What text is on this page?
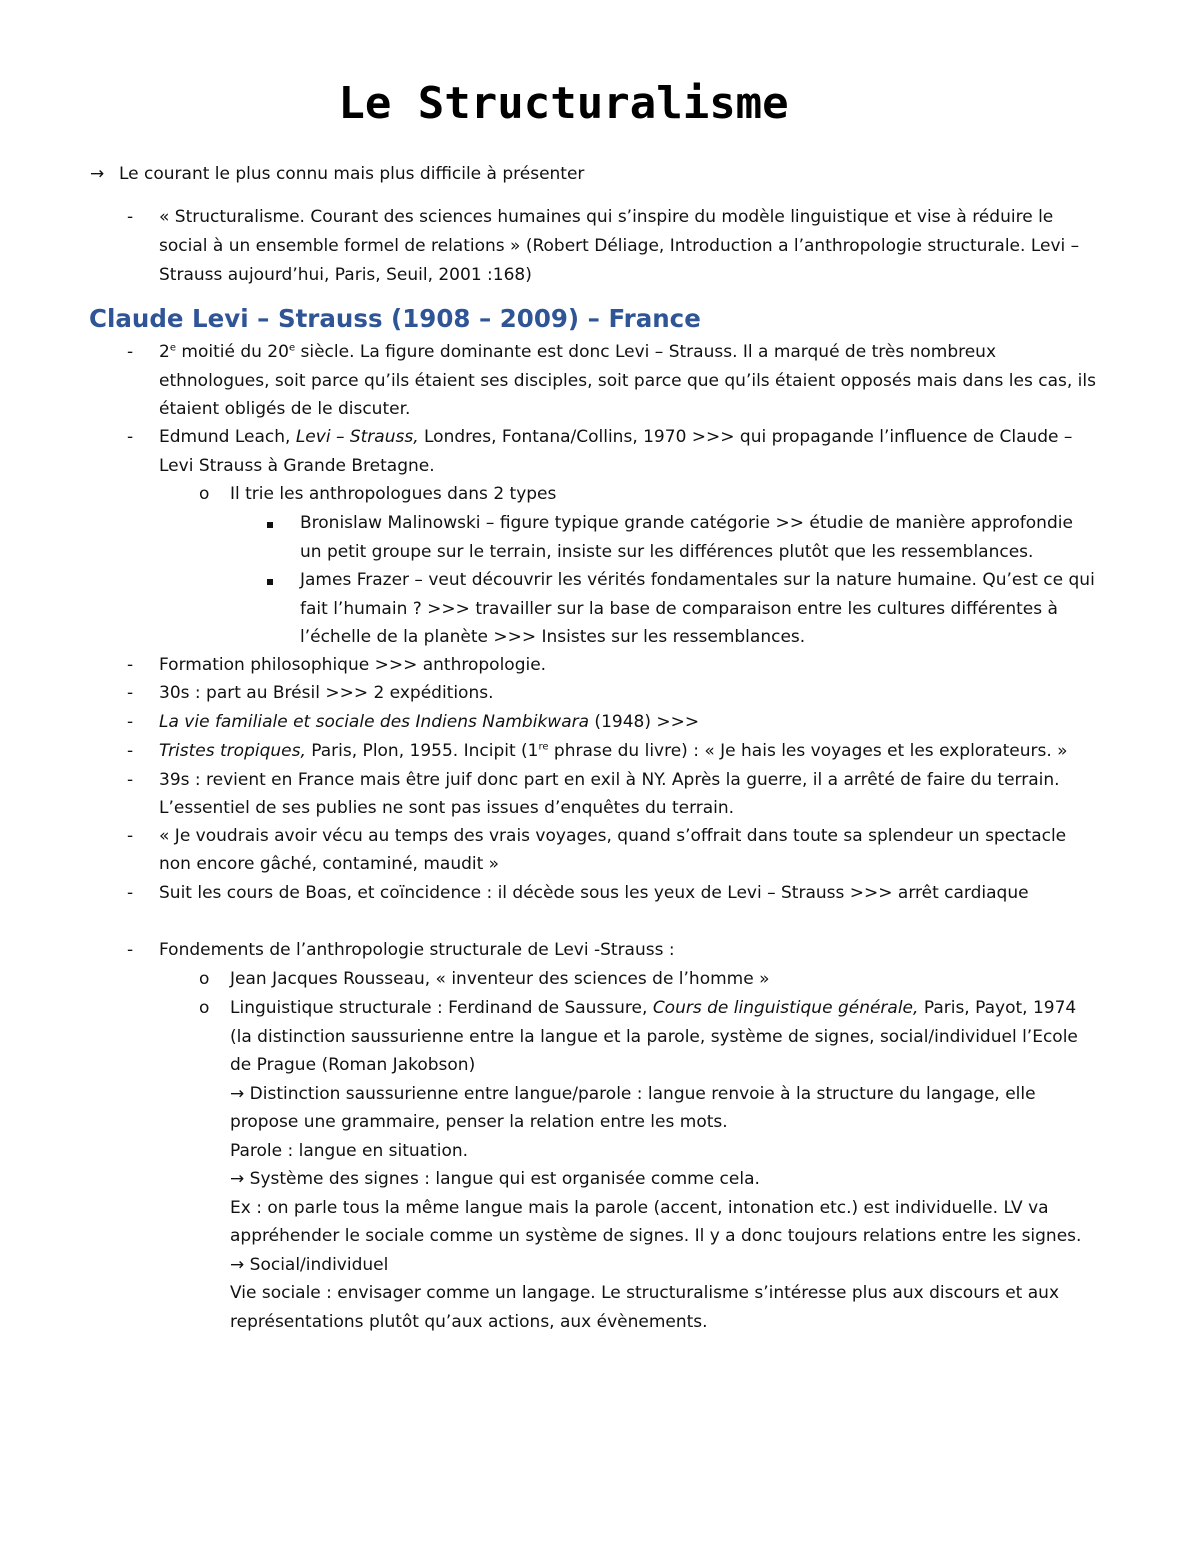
Le Structuralisme
→ Le courant le plus connu mais plus difficile à présenter
- « Structuralisme. Courant des sciences humaines qui s’inspire du modèle linguistique et vise à réduire le
social à un ensemble formel de relations » (Robert Déliage, Introduction a l’anthropologie structurale. Levi –
Strauss aujourd’hui, Paris, Seuil, 2001 :168)
Claude Levi – Strauss (1908 – 2009) – France
- 2e moitié du 20e siècle. La figure dominante est donc Levi – Strauss. Il a marqué de très nombreux
ethnologues, soit parce qu’ils étaient ses disciples, soit parce que qu’ils étaient opposés mais dans les cas, ils
étaient obligés de le discuter.
- Edmund Leach, Levi – Strauss, Londres, Fontana/Collins, 1970 >>> qui propagande l’influence de Claude –
Levi Strauss à Grande Bretagne.
o Il trie les anthropologues dans 2 types
Bronislaw Malinowski – figure typique grande catégorie >> étudie de manière approfondie
un petit groupe sur le terrain, insiste sur les différences plutôt que les ressemblances.
James Frazer – veut découvrir les vérités fondamentales sur la nature humaine. Qu’est ce qui
fait l’humain ? >>> travailler sur la base de comparaison entre les cultures différentes à
l’échelle de la planète >>> Insistes sur les ressemblances.
- Formation philosophique >>> anthropologie.
- 30s : part au Brésil >>> 2 expéditions.
- La vie familiale et sociale des Indiens Nambikwara (1948) >>>
- Tristes tropiques, Paris, Plon, 1955. Incipit (1re phrase du livre) : « Je hais les voyages et les explorateurs. »
- 39s : revient en France mais être juif donc part en exil à NY. Après la guerre, il a arrêté de faire du terrain.
L’essentiel de ses publies ne sont pas issues d’enquêtes du terrain.
- « Je voudrais avoir vécu au temps des vrais voyages, quand s’offrait dans toute sa splendeur un spectacle
non encore gâché, contaminé, maudit »
- Suit les cours de Boas, et coïncidence : il décède sous les yeux de Levi – Strauss >>> arrêt cardiaque
- Fondements de l’anthropologie structurale de Levi -Strauss :
o Jean Jacques Rousseau, « inventeur des sciences de l’homme »
o Linguistique structurale : Ferdinand de Saussure, Cours de linguistique générale, Paris, Payot, 1974
(la distinction saussurienne entre la langue et la parole, système de signes, social/individuel l’Ecole
de Prague (Roman Jakobson)
→ Distinction saussurienne entre langue/parole : langue renvoie à la structure du langage, elle
propose une grammaire, penser la relation entre les mots.
Parole : langue en situation.
→ Système des signes : langue qui est organisée comme cela.
Ex : on parle tous la même langue mais la parole (accent, intonation etc.) est individuelle. LV va
appréhender le sociale comme un système de signes. Il y a donc toujours relations entre les signes.
→ Social/individuel
Vie sociale : envisager comme un langage. Le structuralisme s’intéresse plus aux discours et aux
représentations plutôt qu’aux actions, aux évènements.
